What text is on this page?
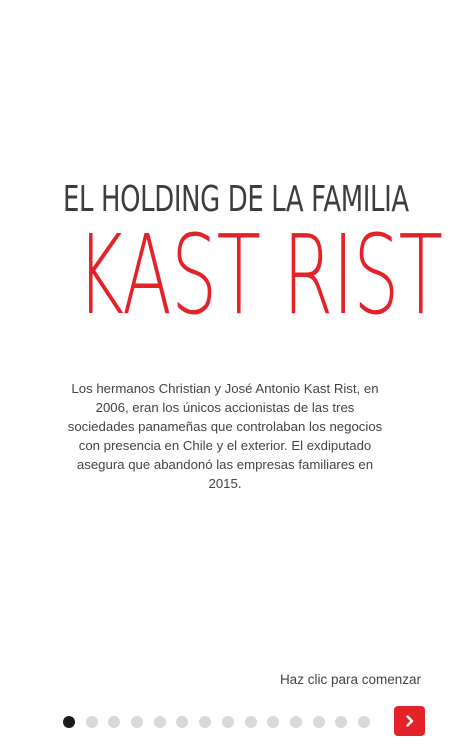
EL HOLDING DE LA FAMILIA
KAST RIST

Los hermanos Christian y José Antonio Kast Rist, en 2006, eran los únicos accionistas de las tres sociedades panameñas que controlaban los negocios con presencia en Chile y el exterior. El exdiputado asegura que abandonó las empresas familiares en 2015.

Haz clic para comenzar
